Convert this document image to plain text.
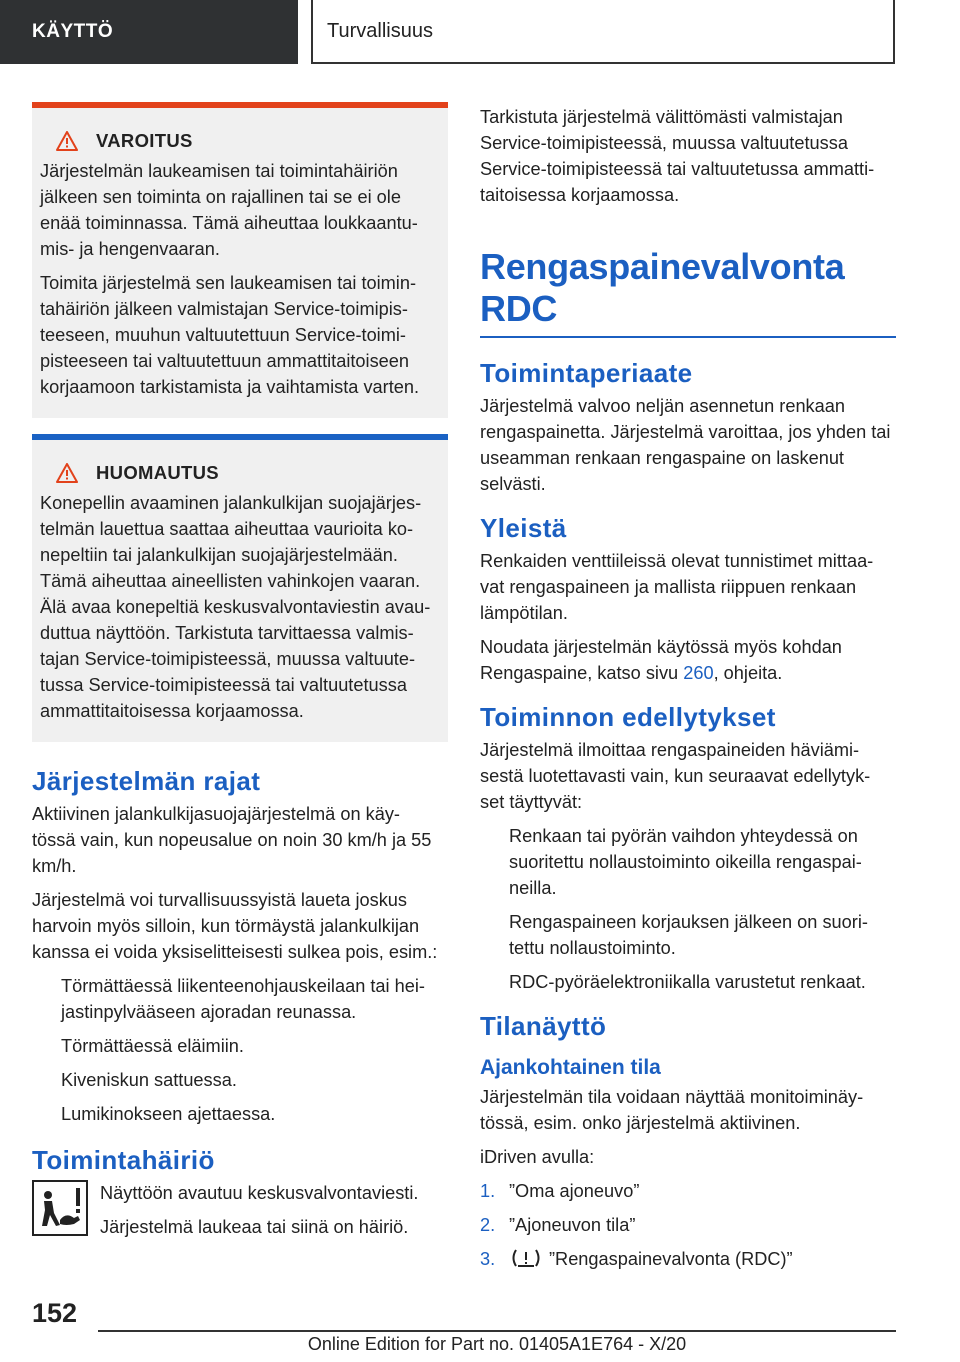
KÄYTTÖ	Turvallisuus
VAROITUS

Järjestelmän laukeamisen tai toimintahäiriön jälkeen sen toiminta on rajallinen tai se ei ole enää toiminnassa. Tämä aiheuttaa loukkaantu- mis- ja hengenvaaran.

Toimita järjestelmä sen laukeamisen tai toimin- tahäiriön jälkeen valmistajan Service-toimipis- teeseen, muuhun valtuutettuun Service-toimi- pisteeseen tai valtuutettuun ammattitaitoiseen korjaamoon tarkistamista ja vaihtamista varten.

HUOMAUTUS

Konepellin avaaminen jalankulkijan suojajärjes- telmän lauettua saattaa aiheuttaa vaurioita ko- nepeltiin tai jalankulkijan suojajärjestelmään. Tämä aiheuttaa aineellisten vahinkojen vaaran. Älä avaa konepeltiä keskusvalvontaviestin avau- duttua näyttöön. Tarkistuta tarvittaessa valmis- tajan Service-toimipisteessä, muussa valtuute- tussa Service-toimipisteessä tai valtuutetussa ammattitaitoisessa korjaamossa.

Järjestelmän rajat

Aktiivinen jalankulkijasuojajärjestelmä on käy- tössä vain, kun nopeusalue on noin 30 km/h ja 55 km/h.

Järjestelmä voi turvallisuussyistä laueta joskus harvoin myös silloin, kun törmäystä jalankulkijan kanssa ei voida yksiselitteisesti sulkea pois, esim.:

Törmättäessä liikenteenohjauskeilaan tai hei- jastinpylvääseen ajoradan reunassa.
Törmättäessä eläimiin.
Kiveniskun sattuessa.
Lumikinokseen ajettaessa.
Toimintahäiriö

Näyttöön avautuu keskusvalvontaviesti.

Järjestelmä laukeaa tai siinä on häiriö.

Tarkistuta järjestelmä välittömästi valmistajan Service-toimipisteessä, muussa valtuutetussa Service-toimipisteessä tai valtuutetussa ammatti- taitoisessa korjaamossa.

Rengaspainevalvonta RDC
Toimintaperiaate

Järjestelmä valvoo neljän asennetun renkaan rengaspainetta. Järjestelmä varoittaa, jos yhden tai useamman renkaan rengaspaine on laskenut selvästi.

Yleistä

Renkaiden venttiileissä olevat tunnistimet mittaa- vat rengaspaineen ja mallista riippuen renkaan lämpötilan.

Noudata järjestelmän käytössä myös kohdan Rengaspaine, katso sivu 260, ohjeita.

Toiminnon edellytykset

Järjestelmä ilmoittaa rengaspaineiden häviämi- sestä luotettavasti vain, kun seuraavat edellytyk- set täyttyvät:

Renkaan tai pyörän vaihdon yhteydessä on suoritettu nollaustoiminto oikeilla rengaspai- neilla.
Rengaspaineen korjauksen jälkeen on suori- tettu nollaustoiminto.
RDC-pyöräelektroniikalla varustetut renkaat.
Tilanäyttö
Ajankohtainen tila

Järjestelmän tila voidaan näyttää monitoiminäy- tössä, esim. onko järjestelmä aktiivinen.

iDriven avulla:

1. ”Oma ajoneuvo”
2. ”Ajoneuvon tila”
3.	”Rengaspainevalvonta (RDC)”
152
Online Edition for Part no. 01405A1E764 - X/20
